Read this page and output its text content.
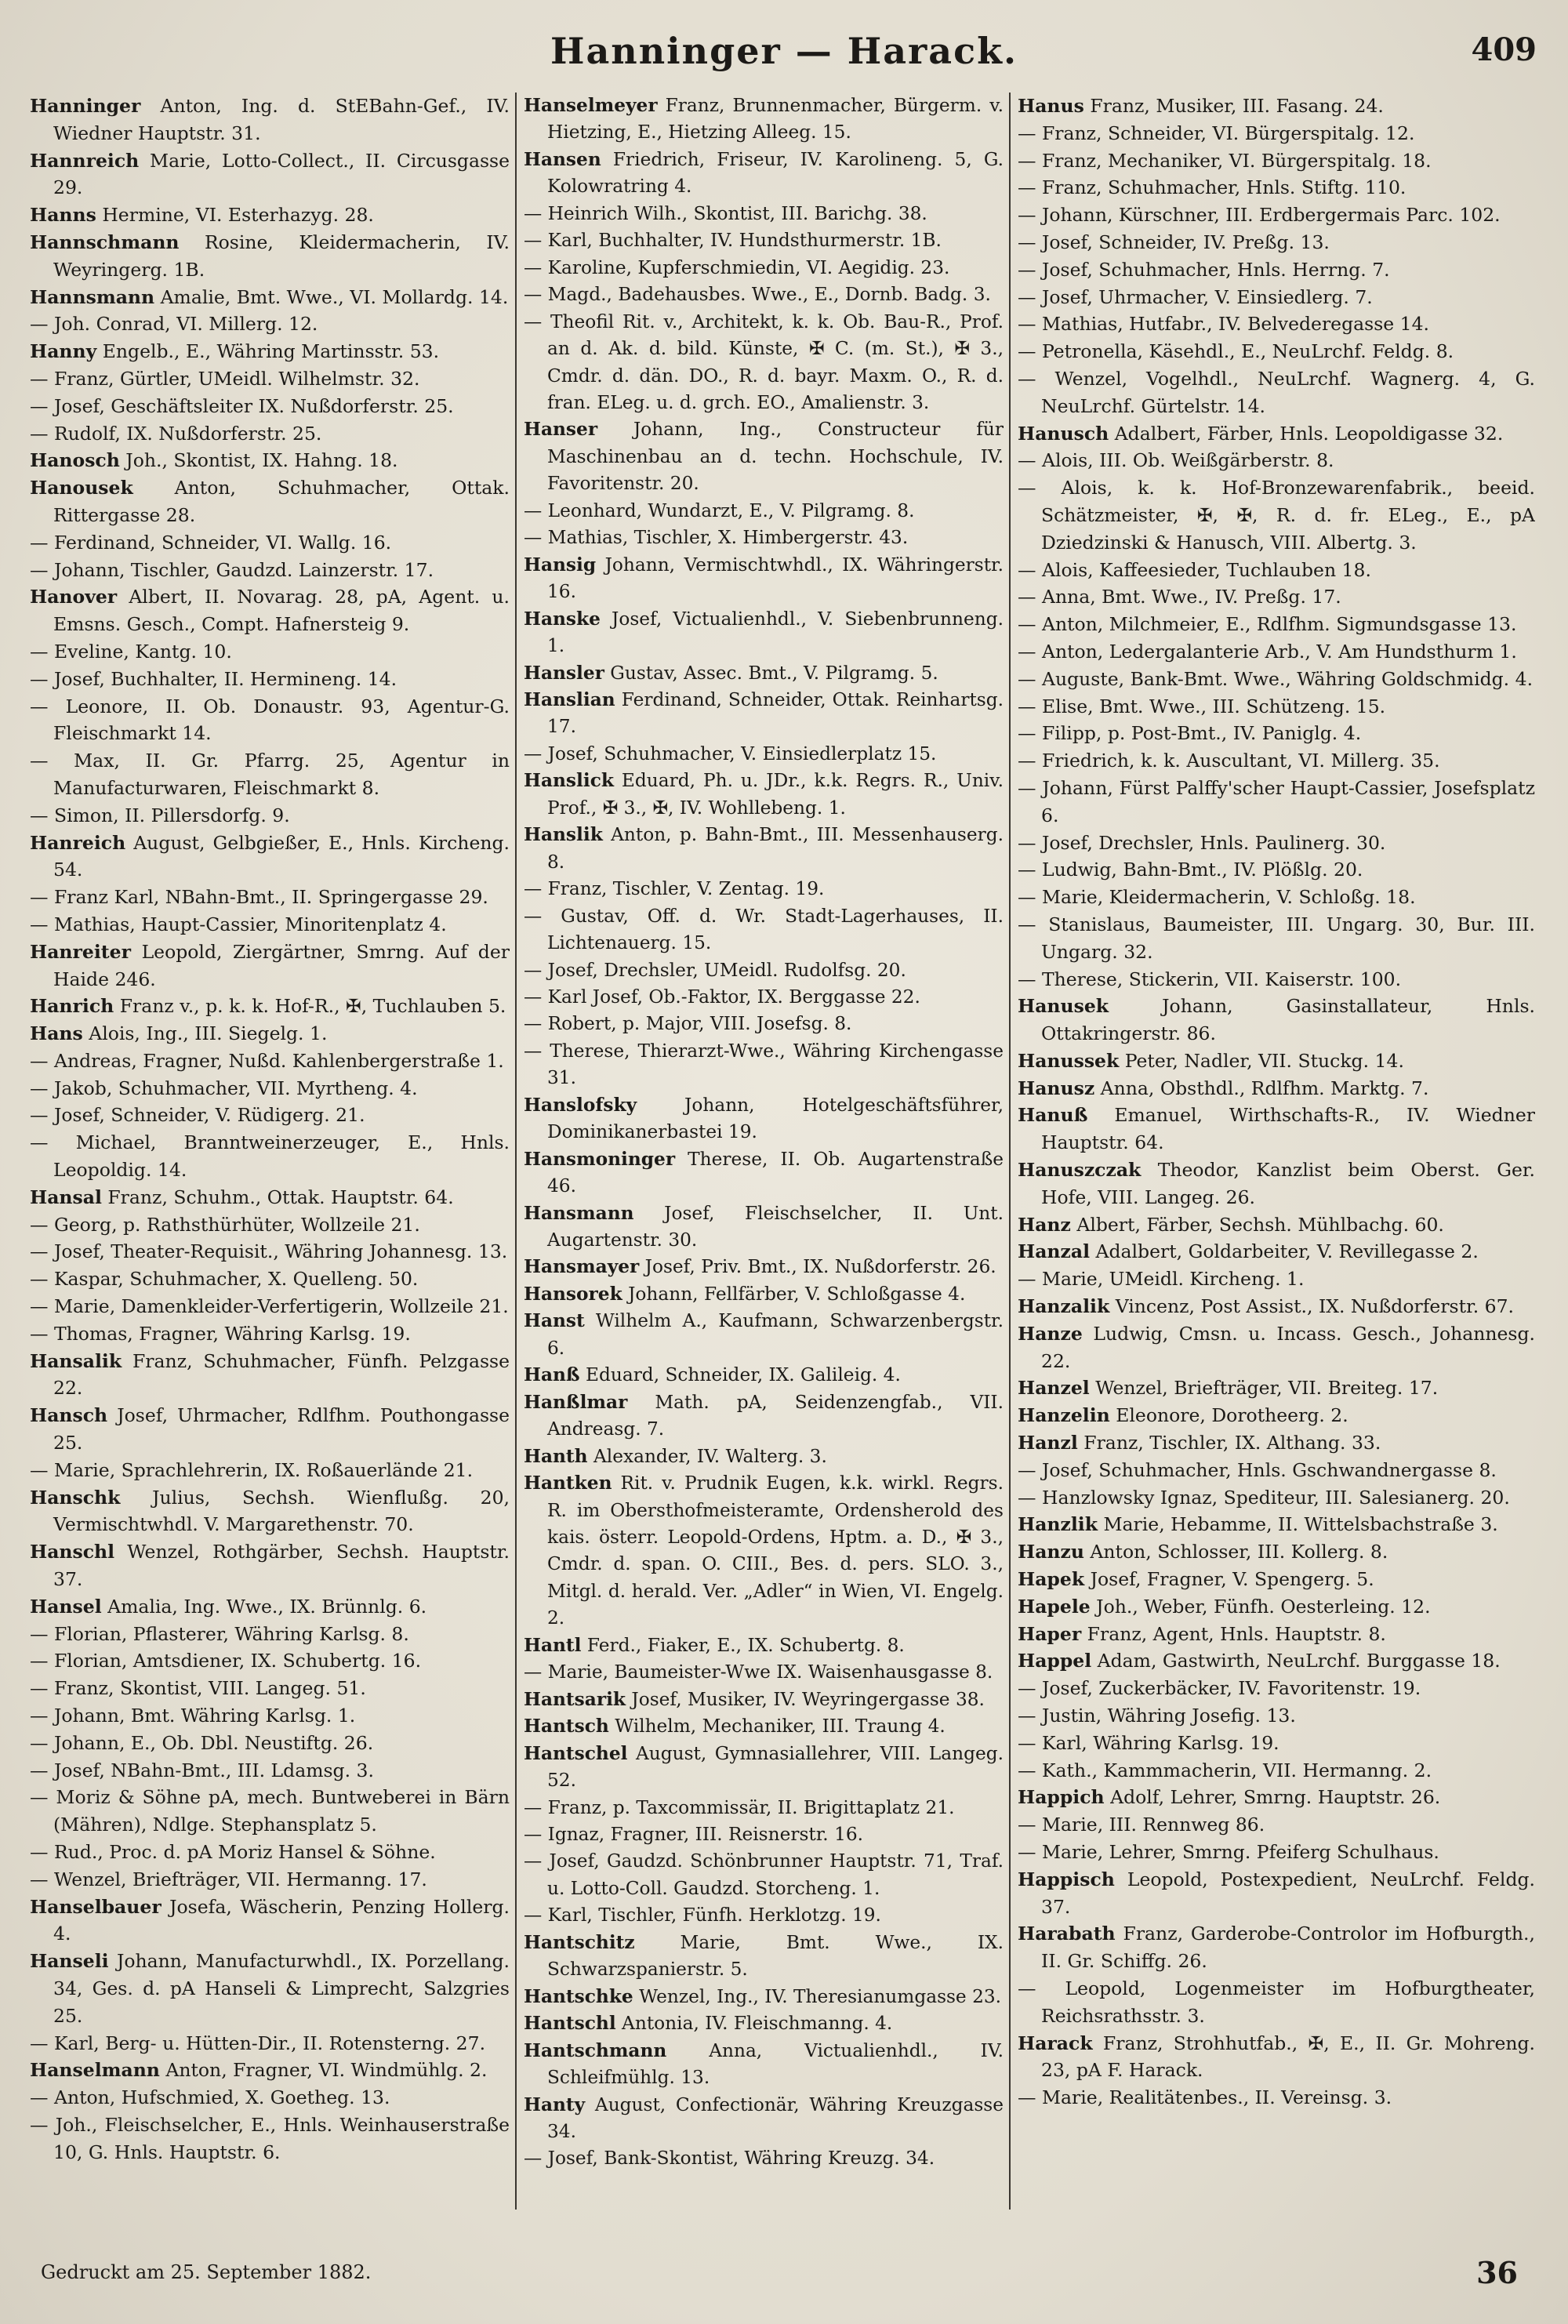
Hanninger — Harack.	409
Hanninger Anton, Ing. d. StEBahn-Gef., IV. Wiedner Hauptstr. 31.
Hannreich Marie, Lotto-Collect., II. Circusgasse 29.
Hanns Hermine, VI. Esterhazyg. 28.
Hannschmann Rosine, Kleidermacherin, IV. Weyringerg. 1B.
Hannsmann Amalie, Bmt. Wwe., VI. Mollardg. 14.
— Joh. Conrad, VI. Millerg. 12.
Hanny Engelb., E., Währing Martinsstr. 53.
— Franz, Gürtler, UMeidl. Wilhelmstr. 32.
— Josef, Geschäftsleiter IX. Nußdorferstr. 25.
— Rudolf, IX. Nußdorferstr. 25.
Hanosch Joh., Skontist, IX. Hahng. 18.
Hanousek Anton, Schuhmacher, Ottak. Rittergasse 28.
— Ferdinand, Schneider, VI. Wallg. 16.
— Johann, Tischler, Gaudzd. Lainzerstr. 17.
Hanover Albert, II. Novarag. 28, pA, Agent. u. Emsns. Gesch., Compt. Hafnersteig 9.
— Eveline, Kantg. 10.
— Josef, Buchhalter, II. Hermineng. 14.
— Leonore, II. Ob. Donaustr. 93, Agentur-G. Fleischmarkt 14.
— Max, II. Gr. Pfarrg. 25, Agentur in Manufacturwaren, Fleischmarkt 8.
— Simon, II. Pillersdorfg. 9.
Hanreich August, Gelbgießer, E., Hnls. Kircheng. 54.
— Franz Karl, NBahn-Bmt., II. Springergasse 29.
— Mathias, Haupt-Cassier, Minoritenplatz 4.
Hanreiter Leopold, Ziergärtner, Smrng. Auf der Haide 246.
Hanrich Franz v., p. k. k. Hof-R., ✠, Tuchlauben 5.
Hans Alois, Ing., III. Siegelg. 1.
— Andreas, Fragner, Nußd. Kahlenbergerstraße 1.
— Jakob, Schuhmacher, VII. Myrtheng. 4.
— Josef, Schneider, V. Rüdigerg. 21.
— Michael, Branntweinerzeuger, E., Hnls. Leopoldig. 14.
Hansal Franz, Schuhm., Ottak. Hauptstr. 64.
— Georg, p. Rathsthürhüter, Wollzeile 21.
— Josef, Theater-Requisit., Währing Johannesg. 13.
— Kaspar, Schuhmacher, X. Quelleng. 50.
— Marie, Damenkleider-Verfertigerin, Wollzeile 21.
— Thomas, Fragner, Währing Karlsg. 19.
Hansalik Franz, Schuhmacher, Fünfh. Pelzgasse 22.
Hansch Josef, Uhrmacher, Rdlfhm. Pouthongasse 25.
— Marie, Sprachlehrerin, IX. Roßauerlände 21.
Hanschk Julius, Sechsh. Wienflußg. 20, Vermischtwhdl. V. Margarethenstr. 70.
Hanschl Wenzel, Rothgärber, Sechsh. Hauptstr. 37.
Hansel Amalia, Ing. Wwe., IX. Brünnlg. 6.
— Florian, Pflasterer, Währing Karlsg. 8.
— Florian, Amtsdiener, IX. Schubertg. 16.
— Franz, Skontist, VIII. Langeg. 51.
— Johann, Bmt. Währing Karlsg. 1.
— Johann, E., Ob. Dbl. Neustiftg. 26.
— Josef, NBahn-Bmt., III. Ldamsg. 3.
— Moriz & Söhne pA, mech. Buntweberei in Bärn (Mähren), Ndlge. Stephansplatz 5.
— Rud., Proc. d. pA Moriz Hansel & Söhne.
— Wenzel, Briefträger, VII. Hermanng. 17.
Hanselbauer Josefa, Wäscherin, Penzing Hollerg. 4.
Hanseli Johann, Manufacturwhdl., IX. Porzellang. 34, Ges. d. pA Hanseli & Limprecht, Salzgries 25.
— Karl, Berg- u. Hütten-Dir., II. Rotensterng. 27.
Hanselmann Anton, Fragner, VI. Windmühlg. 2.
— Anton, Hufschmied, X. Goetheg. 13.
— Joh., Fleischselcher, E., Hnls. Weinhauserstraße 10, G. Hnls. Hauptstr. 6.
Hanselmeyer Franz, Brunnenmacher, Bürgerm. v. Hietzing, E., Hietzing Alleeg. 15.
Hansen Friedrich, Friseur, IV. Karolineng. 5, G. Kolowratring 4.
— Heinrich Wilh., Skontist, III. Barichg. 38.
— Karl, Buchhalter, IV. Hundsthurmerstr. 1B.
— Karoline, Kupferschmiedin, VI. Aegidig. 23.
— Magd., Badehausbes. Wwe., E., Dornb. Badg. 3.
— Theofil Rit. v., Architekt, k. k. Ob. Bau-R., Prof. an d. Ak. d. bild. Künste, ✠ C. (m. St.), ✠ 3., Cmdr. d. dän. DO., R. d. bayr. Maxm. O., R. d. fran. ELeg. u. d. grch. EO., Amalienstr. 3.
Hanser Johann, Ing., Constructeur für Maschinenbau an d. techn. Hochschule, IV. Favoritenstr. 20.
— Leonhard, Wundarzt, E., V. Pilgramg. 8.
— Mathias, Tischler, X. Himbergerstr. 43.
Hansig Johann, Vermischtwhdl., IX. Währingerstr. 16.
Hanske Josef, Victualienhdl., V. Siebenbrunneng. 1.
Hansler Gustav, Assec. Bmt., V. Pilgramg. 5.
Hanslian Ferdinand, Schneider, Ottak. Reinhartsg. 17.
— Josef, Schuhmacher, V. Einsiedlerplatz 15.
Hanslick Eduard, Ph. u. JDr., k.k. Regrs. R., Univ. Prof., ✠ 3., ✠, IV. Wohllebeng. 1.
Hanslik Anton, p. Bahn-Bmt., III. Messenhauserg. 8.
— Franz, Tischler, V. Zentag. 19.
— Gustav, Off. d. Wr. Stadt-Lagerhauses, II. Lichtenauerg. 15.
— Josef, Drechsler, UMeidl. Rudolfsg. 20.
— Karl Josef, Ob.-Faktor, IX. Berggasse 22.
— Robert, p. Major, VIII. Josefsg. 8.
— Therese, Thierarzt-Wwe., Währing Kirchengasse 31.
Hanslofsky Johann, Hotelgeschäftsführer, Dominikanerbastei 19.
Hansmoninger Therese, II. Ob. Augartenstraße 46.
Hansmann Josef, Fleischselcher, II. Unt. Augartenstr. 30.
Hansmayer Josef, Priv. Bmt., IX. Nußdorferstr. 26.
Hansorek Johann, Fellfärber, V. Schloßgasse 4.
Hanst Wilhelm A., Kaufmann, Schwarzenbergstr. 6.
Hanß Eduard, Schneider, IX. Galileig. 4.
Hanßlmar Math. pA, Seidenzengfab., VII. Andreasg. 7.
Hanth Alexander, IV. Walterg. 3.
Hantken Rit. v. Prudnik Eugen, k.k. wirkl. Regrs. R. im Obersthofmeisteramte, Ordensherold des kais. österr. Leopold-Ordens, Hptm. a. D., ✠ 3., Cmdr. d. span. O. CIII., Bes. d. pers. SLO. 3., Mitgl. d. herald. Ver. „Adler“ in Wien, VI. Engelg. 2.
Hantl Ferd., Fiaker, E., IX. Schubertg. 8.
— Marie, Baumeister-Wwe IX. Waisenhausgasse 8.
Hantsarik Josef, Musiker, IV. Weyringergasse 38.
Hantsch Wilhelm, Mechaniker, III. Traung 4.
Hantschel August, Gymnasiallehrer, VIII. Langeg. 52.
— Franz, p. Taxcommissär, II. Brigittaplatz 21.
— Ignaz, Fragner, III. Reisnerstr. 16.
— Josef, Gaudzd. Schönbrunner Hauptstr. 71, Traf. u. Lotto-Coll. Gaudzd. Storcheng. 1.
— Karl, Tischler, Fünfh. Herklotzg. 19.
Hantschitz Marie, Bmt. Wwe., IX. Schwarzspanierstr. 5.
Hantschke Wenzel, Ing., IV. Theresianumgasse 23.
Hantschl Antonia, IV. Fleischmanng. 4.
Hantschmann Anna, Victualienhdl., IV. Schleifmühlg. 13.
Hanty August, Confectionär, Währing Kreuzgasse 34.
— Josef, Bank-Skontist, Währing Kreuzg. 34.
Hanus Franz, Musiker, III. Fasang. 24.
— Franz, Schneider, VI. Bürgerspitalg. 12.
— Franz, Mechaniker, VI. Bürgerspitalg. 18.
— Franz, Schuhmacher, Hnls. Stiftg. 110.
— Johann, Kürschner, III. Erdbergermais Parc. 102.
— Josef, Schneider, IV. Preßg. 13.
— Josef, Schuhmacher, Hnls. Herrng. 7.
— Josef, Uhrmacher, V. Einsiedlerg. 7.
— Mathias, Hutfabr., IV. Belvederegasse 14.
— Petronella, Käsehdl., E., NeuLrchf. Feldg. 8.
— Wenzel, Vogelhdl., NeuLrchf. Wagnerg. 4, G. NeuLrchf. Gürtelstr. 14.
Hanusch Adalbert, Färber, Hnls. Leopoldigasse 32.
— Alois, III. Ob. Weißgärberstr. 8.
— Alois, k. k. Hof-Bronzewarenfabrik., beeid. Schätzmeister, ✠, ✠, R. d. fr. ELeg., E., pA Dziedzinski & Hanusch, VIII. Albertg. 3.
— Alois, Kaffeesieder, Tuchlauben 18.
— Anna, Bmt. Wwe., IV. Preßg. 17.
— Anton, Milchmeier, E., Rdlfhm. Sigmundsgasse 13.
— Anton, Ledergalanterie Arb., V. Am Hundsthurm 1.
— Auguste, Bank-Bmt. Wwe., Währing Goldschmidg. 4.
— Elise, Bmt. Wwe., III. Schützeng. 15.
— Filipp, p. Post-Bmt., IV. Paniglg. 4.
— Friedrich, k. k. Auscultant, VI. Millerg. 35.
— Johann, Fürst Palffy'scher Haupt-Cassier, Josefsplatz 6.
— Josef, Drechsler, Hnls. Paulinerg. 30.
— Ludwig, Bahn-Bmt., IV. Plößlg. 20.
— Marie, Kleidermacherin, V. Schloßg. 18.
— Stanislaus, Baumeister, III. Ungarg. 30, Bur. III. Ungarg. 32.
— Therese, Stickerin, VII. Kaiserstr. 100.
Hanusek Johann, Gasinstallateur, Hnls. Ottakringerstr. 86.
Hanussek Peter, Nadler, VII. Stuckg. 14.
Hanusz Anna, Obsthdl., Rdlfhm. Marktg. 7.
Hanuß Emanuel, Wirthschafts-R., IV. Wiedner Hauptstr. 64.
Hanuszczak Theodor, Kanzlist beim Oberst. Ger. Hofe, VIII. Langeg. 26.
Hanz Albert, Färber, Sechsh. Mühlbachg. 60.
Hanzal Adalbert, Goldarbeiter, V. Revillegasse 2.
— Marie, UMeidl. Kircheng. 1.
Hanzalik Vincenz, Post Assist., IX. Nußdorferstr. 67.
Hanze Ludwig, Cmsn. u. Incass. Gesch., Johannesg. 22.
Hanzel Wenzel, Briefträger, VII. Breiteg. 17.
Hanzelin Eleonore, Dorotheerg. 2.
Hanzl Franz, Tischler, IX. Althang. 33.
— Josef, Schuhmacher, Hnls. Gschwandnergasse 8.
— Hanzlowsky Ignaz, Spediteur, III. Salesianerg. 20.
Hanzlik Marie, Hebamme, II. Wittelsbachstraße 3.
Hanzu Anton, Schlosser, III. Kollerg. 8.
Hapek Josef, Fragner, V. Spengerg. 5.
Hapele Joh., Weber, Fünfh. Oesterleing. 12.
Haper Franz, Agent, Hnls. Hauptstr. 8.
Happel Adam, Gastwirth, NeuLrchf. Burggasse 18.
— Josef, Zuckerbäcker, IV. Favoritenstr. 19.
— Justin, Währing Josefig. 13.
— Karl, Währing Karlsg. 19.
— Kath., Kammmacherin, VII. Hermanng. 2.
Happich Adolf, Lehrer, Smrng. Hauptstr. 26.
— Marie, III. Rennweg 86.
— Marie, Lehrer, Smrng. Pfeiferg Schulhaus.
Happisch Leopold, Postexpedient, NeuLrchf. Feldg. 37.
Harabath Franz, Garderobe-Controlor im Hofburgth., II. Gr. Schiffg. 26.
— Leopold, Logenmeister im Hofburgtheater, Reichsrathsstr. 3.
Harack Franz, Strohhutfab., ✠, E., II. Gr. Mohreng. 23, pA F. Harack.
— Marie, Realitätenbes., II. Vereinsg. 3.
Gedruckt am 25. September 1882.	36
